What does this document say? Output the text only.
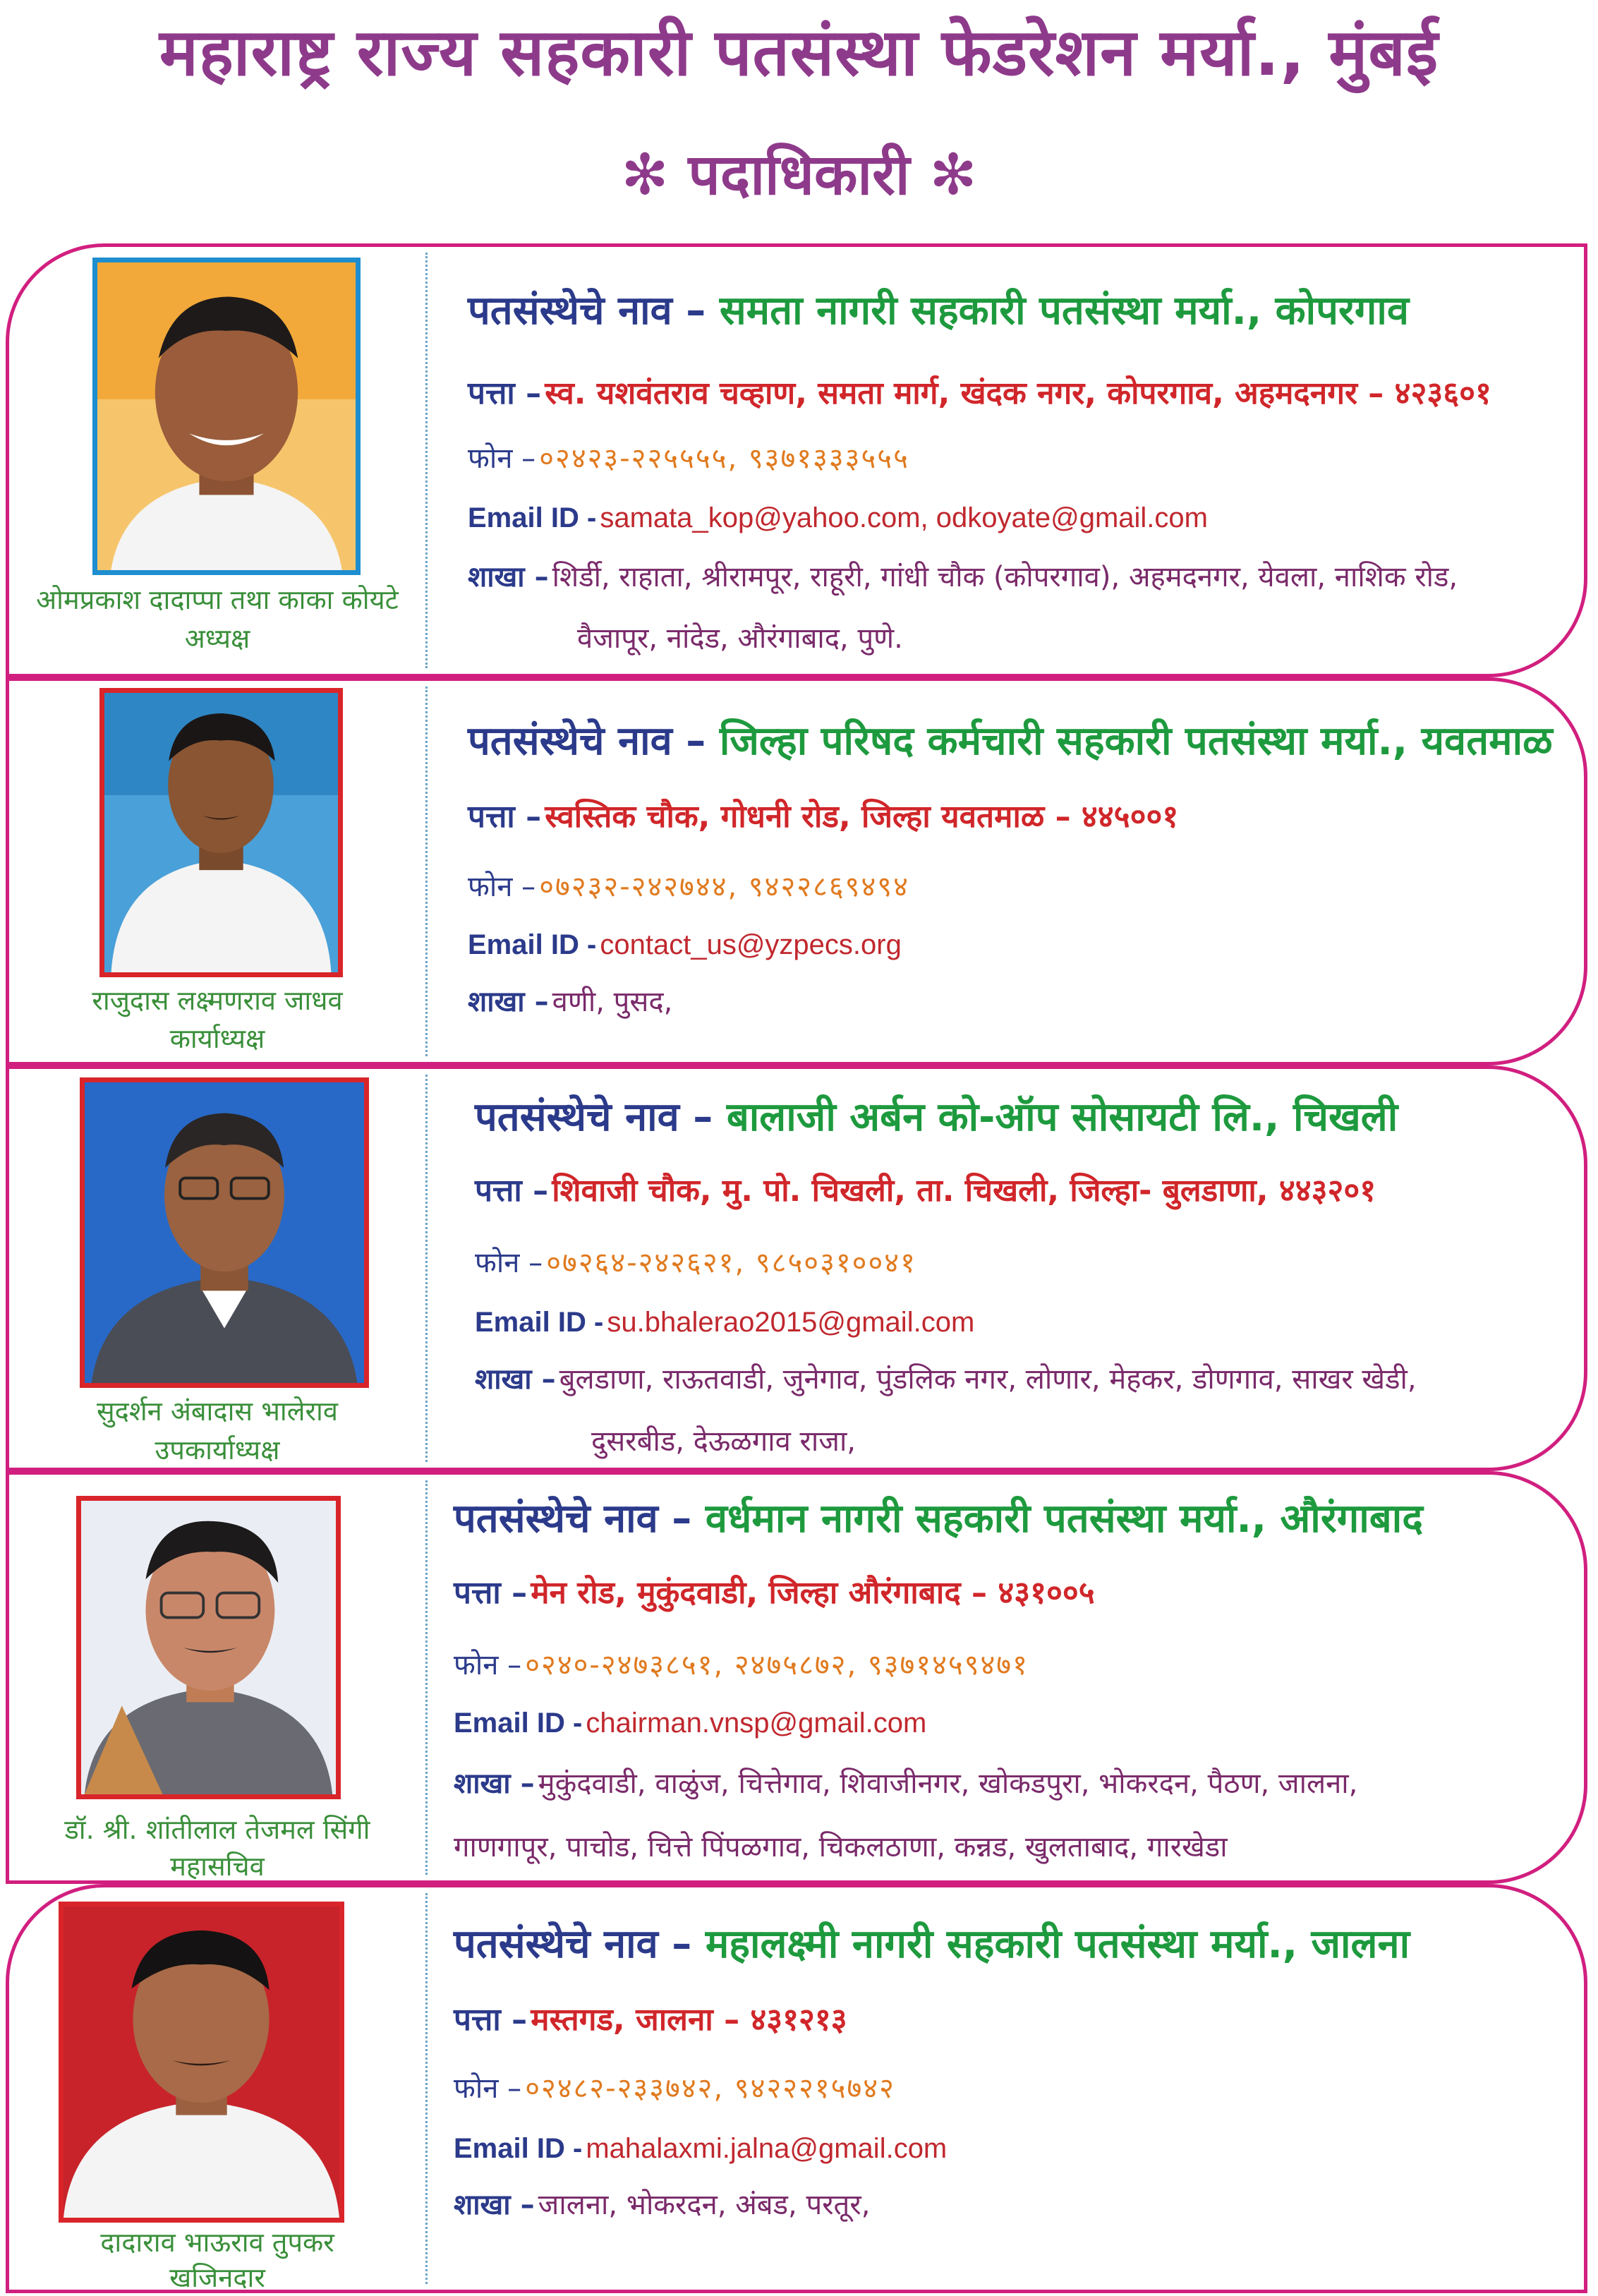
महाराष्ट्र राज्य सहकारी पतसंस्था फेडरेशन मर्या., मुंबई
✻ पदाधिकारी ✻
ओमप्रकाश दादाप्पा तथा काका कोयटे
अध्यक्ष
पतसंस्थेचे नाव – समता नागरी सहकारी पतसंस्था मर्या., कोपरगाव
पत्ता – स्व. यशवंतराव चव्हाण, समता मार्ग, खंदक नगर, कोपरगाव, अहमदनगर – ४२३६०१
फोन – ०२४२३-२२५५५५, ९३७१३३३५५५
Email ID - samata_kop@yahoo.com, odkoyate@gmail.com
शाखा – शिर्डी, राहाता, श्रीरामपूर, राहूरी, गांधी चौक (कोपरगाव), अहमदनगर, येवला, नाशिक रोड,
वैजापूर, नांदेड, औरंगाबाद, पुणे.
राजुदास लक्ष्मणराव जाधव
कार्याध्यक्ष
पतसंस्थेचे नाव – जिल्हा परिषद कर्मचारी सहकारी पतसंस्था मर्या., यवतमाळ
पत्ता – स्वस्तिक चौक, गोधनी रोड, जिल्हा यवतमाळ – ४४५००१
फोन – ०७२३२-२४२७४४, ९४२२८६९४९४
Email ID - contact_us@yzpecs.org
शाखा – वणी, पुसद,
सुदर्शन अंबादास भालेराव
उपकार्याध्यक्ष
पतसंस्थेचे नाव – बालाजी अर्बन को-ऑप सोसायटी लि., चिखली
पत्ता – शिवाजी चौक, मु. पो. चिखली, ता. चिखली, जिल्हा- बुलडाणा, ४४३२०१
फोन – ०७२६४-२४२६२१, ९८५०३१००४१
Email ID - su.bhalerao2015@gmail.com
शाखा – बुलडाणा, राऊतवाडी, जुनेगाव, पुंडलिक नगर, लोणार, मेहकर, डोणगाव, साखर खेडी,
दुसरबीड, देऊळगाव राजा,
डॉ. श्री. शांतीलाल तेजमल सिंगी
महासचिव
पतसंस्थेचे नाव – वर्धमान नागरी सहकारी पतसंस्था मर्या., औरंगाबाद
पत्ता – मेन रोड, मुकुंदवाडी, जिल्हा औरंगाबाद – ४३१००५
फोन – ०२४०-२४७३८५१, २४७५८७२, ९३७१४५९४७१
Email ID - chairman.vnsp@gmail.com
शाखा – मुकुंदवाडी, वाळुंज, चित्तेगाव, शिवाजीनगर, खोकडपुरा, भोकरदन, पैठण, जालना,
गाणगापूर, पाचोड, चित्ते पिंपळगाव, चिकलठाणा, कन्नड, खुलताबाद, गारखेडा
दादाराव भाऊराव तुपकर
खजिनदार
पतसंस्थेचे नाव – महालक्ष्मी नागरी सहकारी पतसंस्था मर्या., जालना
पत्ता – मस्तगड, जालना – ४३१२१३
फोन – ०२४८२-२३३७४२, ९४२२२१५७४२
Email ID - mahalaxmi.jalna@gmail.com
शाखा – जालना, भोकरदन, अंबड, परतूर,
